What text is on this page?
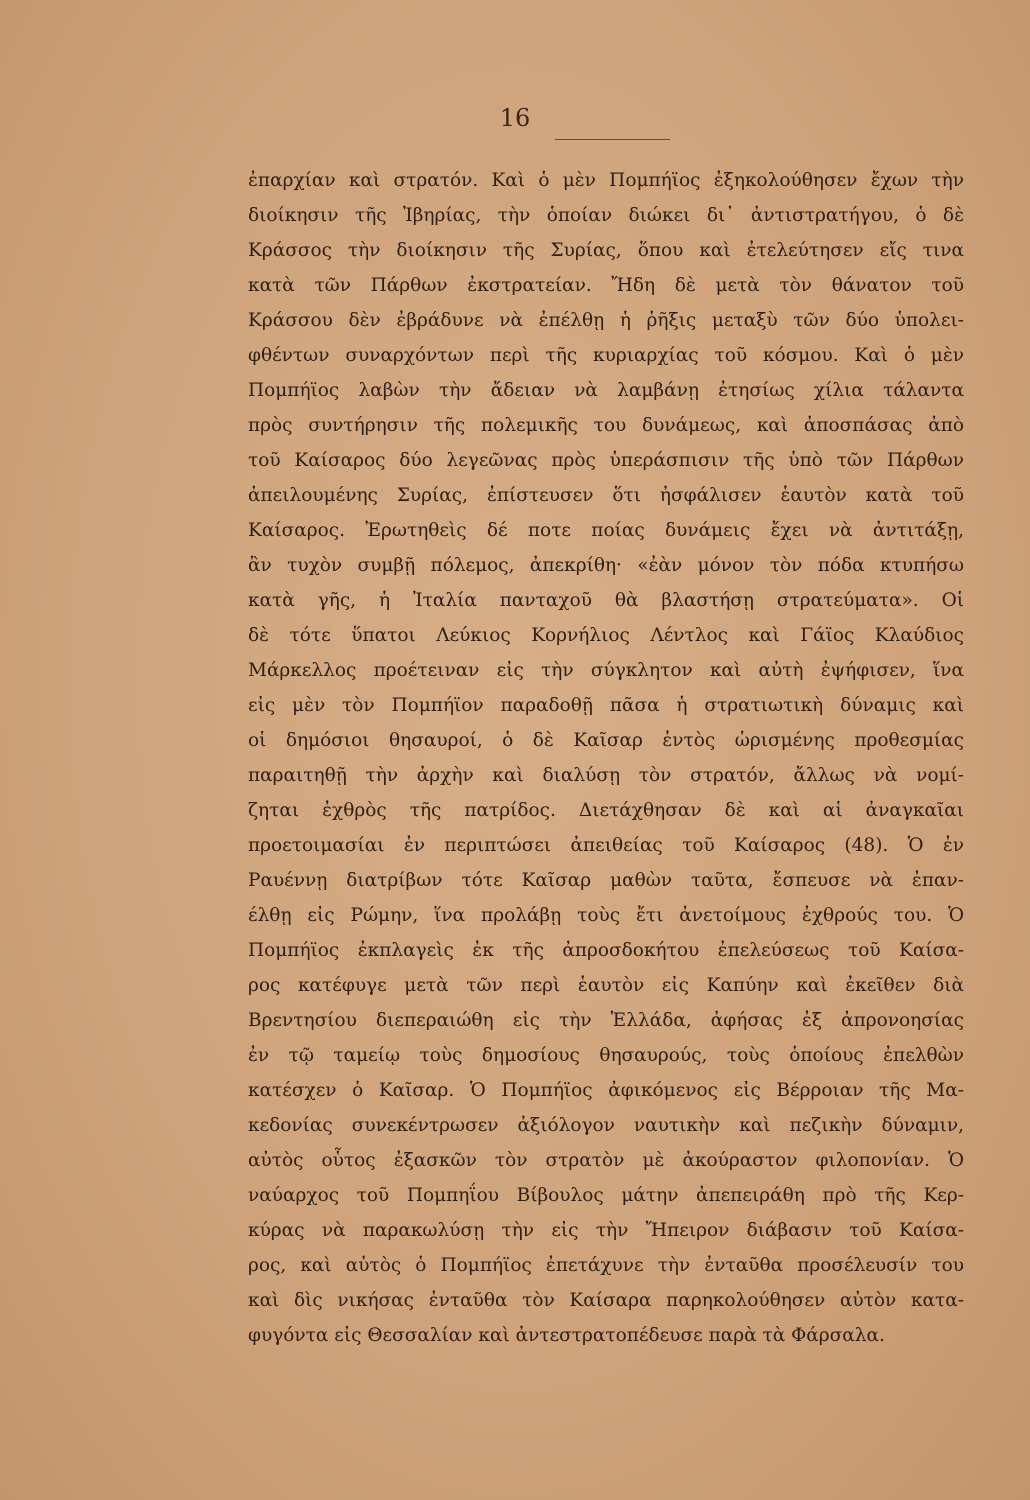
16
ἐπαρχίαν καὶ στρατόν. Καὶ ὁ μὲν Πομπήϊος ἐξηκολούθησεν ἔχων τὴν
διοίκησιν τῆς Ἰβηρίας, τὴν ὁποίαν διώκει δι᾽ ἀντιστρατήγου, ὁ δὲ
Κράσσος τὴν διοίκησιν τῆς Συρίας, ὅπου καὶ ἐτελεύτησεν εἴς τινα
κατὰ τῶν Πάρθων ἐκστρατείαν. Ἤδη δὲ μετὰ τὸν θάνατον τοῦ
Κράσσου δὲν ἐβράδυνε νὰ ἐπέλθῃ ἡ ῥῆξις μεταξὺ τῶν δύο ὑπολει-
φθέντων συναρχόντων περὶ τῆς κυριαρχίας τοῦ κόσμου. Καὶ ὁ μὲν
Πομπήϊος λαβὼν τὴν ἄδειαν νὰ λαμβάνῃ ἐτησίως χίλια τάλαντα
πρὸς συντήρησιν τῆς πολεμικῆς του δυνάμεως, καὶ ἀποσπάσας ἀπὸ
τοῦ Καίσαρος δύο λεγεῶνας πρὸς ὑπεράσπισιν τῆς ὑπὸ τῶν Πάρθων
ἀπειλουμένης Συρίας, ἐπίστευσεν ὅτι ἠσφάλισεν ἑαυτὸν κατὰ τοῦ
Καίσαρος. Ἐρωτηθεὶς δέ ποτε ποίας δυνάμεις ἔχει νὰ ἀντιτάξῃ,
ἂν τυχὸν συμβῇ πόλεμος, ἀπεκρίθη· «ἐὰν μόνον τὸν πόδα κτυπήσω
κατὰ γῆς, ἡ Ἰταλία πανταχοῦ θὰ βλαστήσῃ στρατεύματα». Οἱ
δὲ τότε ὕπατοι Λεύκιος Κορνήλιος Λέντλος καὶ Γάϊος Κλαύδιος
Μάρκελλος προέτειναν εἰς τὴν σύγκλητον καὶ αὐτὴ ἐψήφισεν, ἵνα
εἰς μὲν τὸν Πομπήϊον παραδοθῇ πᾶσα ἡ στρατιωτικὴ δύναμις καὶ
οἱ δημόσιοι θησαυροί, ὁ δὲ Καῖσαρ ἐντὸς ὡρισμένης προθεσμίας
παραιτηθῇ τὴν ἀρχὴν καὶ διαλύσῃ τὸν στρατόν, ἄλλως νὰ νομί-
ζηται ἐχθρὸς τῆς πατρίδος. Διετάχθησαν δὲ καὶ αἱ ἀναγκαῖαι
προετοιμασίαι ἐν περιπτώσει ἀπειθείας τοῦ Καίσαρος (48). Ὁ ἐν
Ραυέννῃ διατρίβων τότε Καῖσαρ μαθὼν ταῦτα, ἔσπευσε νὰ ἐπαν-
έλθῃ εἰς Ρώμην, ἵνα προλάβῃ τοὺς ἔτι ἀνετοίμους ἐχθρούς του. Ὁ
Πομπήϊος ἐκπλαγεὶς ἐκ τῆς ἀπροσδοκήτου ἐπελεύσεως τοῦ Καίσα-
ρος κατέφυγε μετὰ τῶν περὶ ἑαυτὸν εἰς Καπύην καὶ ἐκεῖθεν διὰ
Βρεντησίου διεπεραιώθη εἰς τὴν Ἑλλάδα, ἀφήσας ἐξ ἀπρονοησίας
ἐν τῷ ταμείῳ τοὺς δημοσίους θησαυρούς, τοὺς ὁποίους ἐπελθὼν
κατέσχεν ὁ Καῖσαρ. Ὁ Πομπήϊος ἀφικόμενος εἰς Βέρροιαν τῆς Μα-
κεδονίας συνεκέντρωσεν ἀξιόλογον ναυτικὴν καὶ πεζικὴν δύναμιν,
αὐτὸς οὗτος ἐξασκῶν τὸν στρατὸν μὲ ἀκούραστον φιλοπονίαν. Ὁ
ναύαρχος τοῦ Πομπηΐου Βίβουλος μάτην ἀπεπειράθη πρὸ τῆς Κερ-
κύρας νὰ παρακωλύσῃ τὴν εἰς τὴν Ἤπειρον διάβασιν τοῦ Καίσα-
ρος, καὶ αὐτὸς ὁ Πομπήϊος ἐπετάχυνε τὴν ἐνταῦθα προσέλευσίν του
καὶ δὶς νικήσας ἐνταῦθα τὸν Καίσαρα παρηκολούθησεν αὐτὸν κατα-
φυγόντα εἰς Θεσσαλίαν καὶ ἀντεστρατοπέδευσε παρὰ τὰ Φάρσαλα.
